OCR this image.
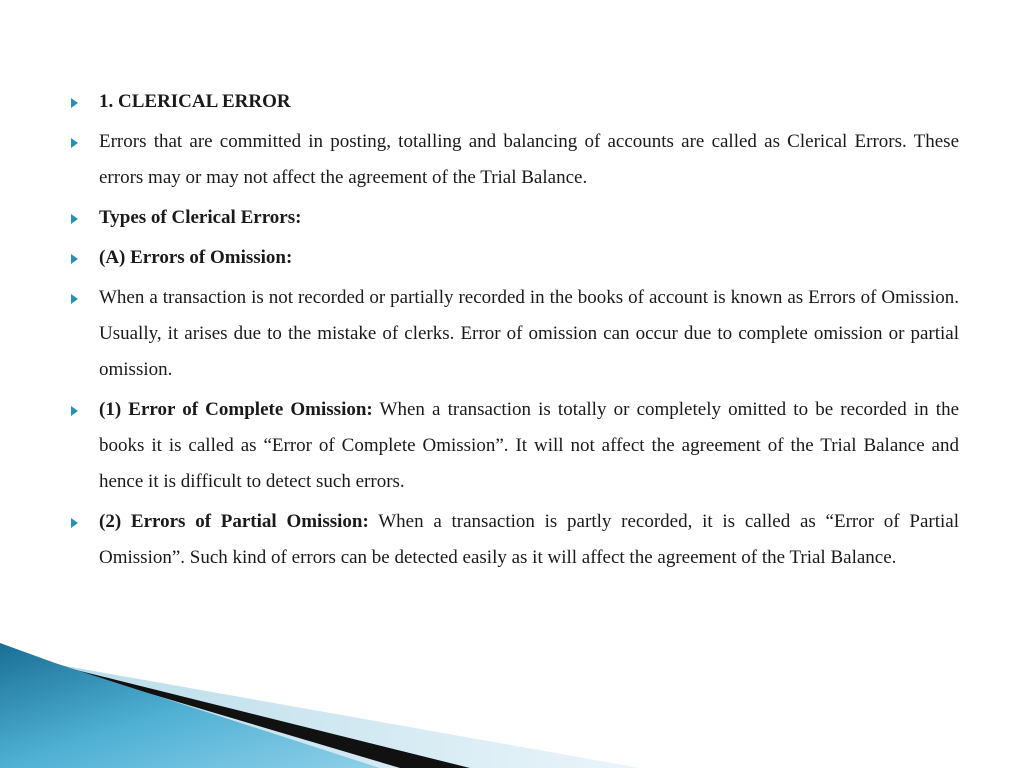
1. CLERICAL ERROR
Errors that are committed in posting, totalling and balancing of accounts are called as Clerical Errors. These errors may or may not affect the agreement of the Trial Balance.
Types of Clerical Errors:
(A) Errors of Omission:
When a transaction is not recorded or partially recorded in the books of account is known as Errors of Omission. Usually, it arises due to the mistake of clerks. Error of omission can occur due to complete omission or partial omission.
(1) Error of Complete Omission: When a transaction is totally or completely omitted to be recorded in the books it is called as “Error of Complete Omission”. It will not affect the agreement of the Trial Balance and hence it is difficult to detect such errors.
(2) Errors of Partial Omission: When a transaction is partly recorded, it is called as “Error of Partial Omission”. Such kind of errors can be detected easily as it will affect the agreement of the Trial Balance.
